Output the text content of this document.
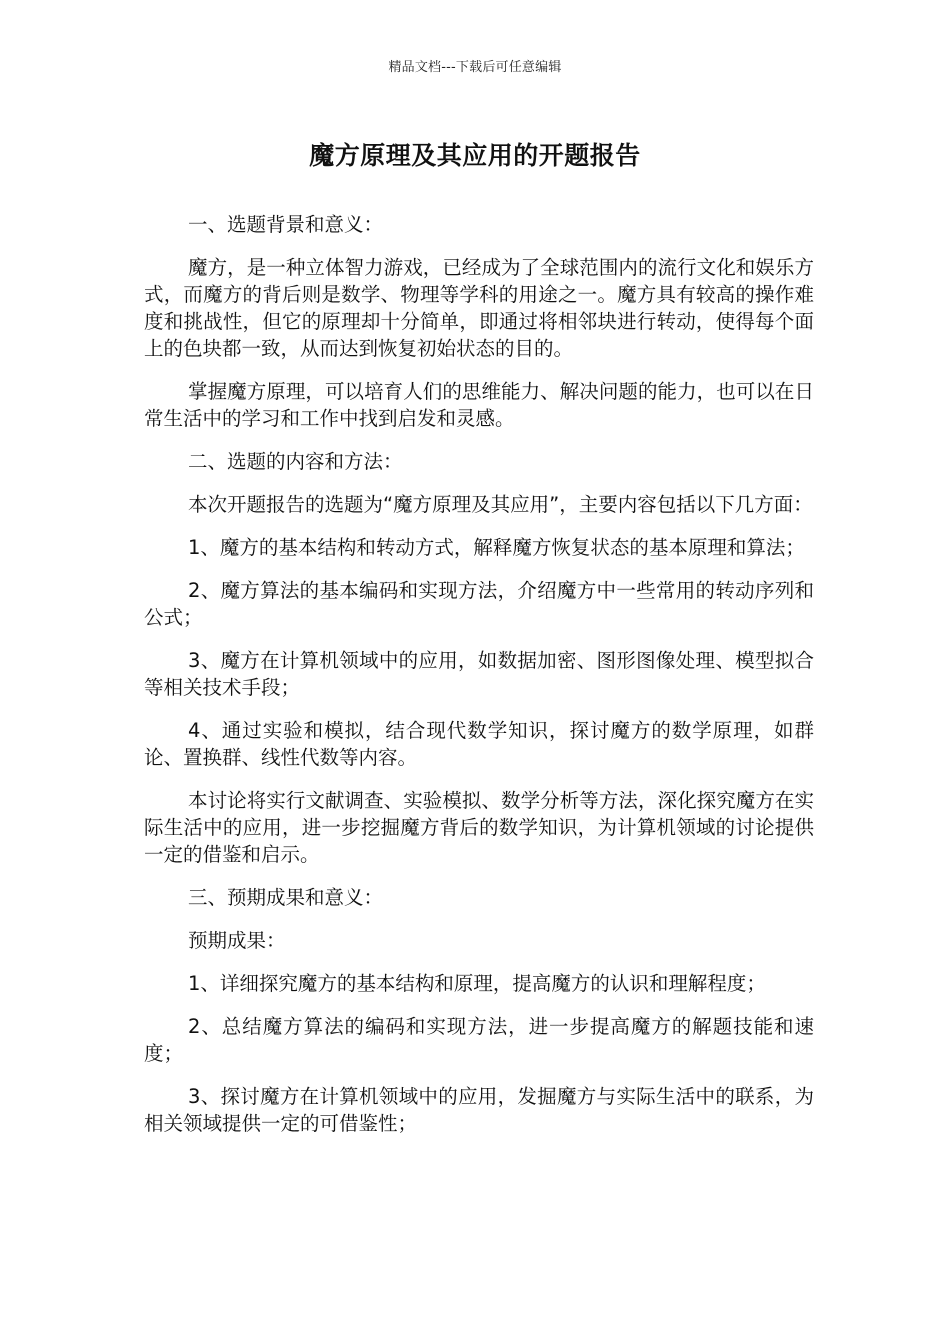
精品文档---下载后可任意编辑
魔方原理及其应用的开题报告

一、选题背景和意义：

魔方，是一种立体智力游戏，已经成为了全球范围内的流行文化和娱乐方式，而魔方的背后则是数学、物理等学科的用途之一。魔方具有较高的操作难度和挑战性，但它的原理却十分简单，即通过将相邻块进行转动，使得每个面上的色块都一致，从而达到恢复初始状态的目的。

掌握魔方原理，可以培育人们的思维能力、解决问题的能力，也可以在日常生活中的学习和工作中找到启发和灵感。

二、选题的内容和方法：

本次开题报告的选题为“魔方原理及其应用”，主要内容包括以下几方面：

1、魔方的基本结构和转动方式，解释魔方恢复状态的基本原理和算法；

2、魔方算法的基本编码和实现方法，介绍魔方中一些常用的转动序列和公式；

3、魔方在计算机领域中的应用，如数据加密、图形图像处理、模型拟合等相关技术手段；

4、通过实验和模拟，结合现代数学知识，探讨魔方的数学原理，如群论、置换群、线性代数等内容。

本讨论将实行文献调查、实验模拟、数学分析等方法，深化探究魔方在实际生活中的应用，进一步挖掘魔方背后的数学知识，为计算机领域的讨论提供一定的借鉴和启示。

三、预期成果和意义：

预期成果：

1、详细探究魔方的基本结构和原理，提高魔方的认识和理解程度；

2、总结魔方算法的编码和实现方法，进一步提高魔方的解题技能和速度；

3、探讨魔方在计算机领域中的应用，发掘魔方与实际生活中的联系，为相关领域提供一定的可借鉴性；
